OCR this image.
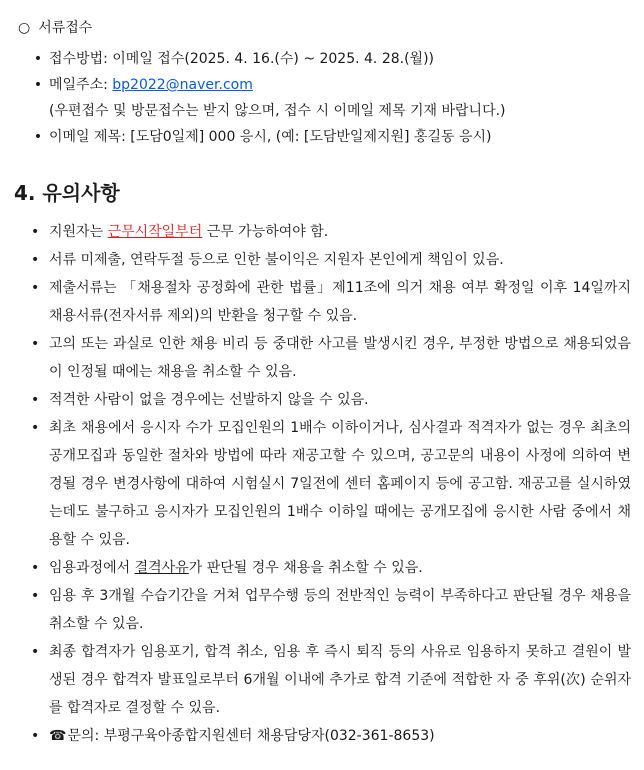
○ 서류접수
• 접수방법: 이메일 접수(2025. 4. 16.(수) ~ 2025. 4. 28.(월))
• 메일주소: bp2022@naver.com
(우편접수 및 방문접수는 받지 않으며, 접수 시 이메일 제목 기재 바랍니다.)
• 이메일 제목: [도담0일제] 000 응시, (예: [도담반일제지원] 홍길동 응시)
4. 유의사항
• 지원자는 근무시작일부터 근무 가능하여야 함.
• 서류 미제출, 연락두절 등으로 인한 불이익은 지원자 본인에게 책임이 있음.
• 제출서류는 「채용절차 공정화에 관한 법률」제11조에 의거 채용 여부 확정일 이후 14일까지 채용서류(전자서류 제외)의 반환을 청구할 수 있음.
• 고의 또는 과실로 인한 채용 비리 등 중대한 사고를 발생시킨 경우, 부정한 방법으로 채용되었음이 인정될 때에는 채용을 취소할 수 있음.
• 적격한 사람이 없을 경우에는 선발하지 않을 수 있음.
• 최초 채용에서 응시자 수가 모집인원의 1배수 이하이거나, 심사결과 적격자가 없는 경우 최초의 공개모집과 동일한 절차와 방법에 따라 재공고할 수 있으며, 공고문의 내용이 사정에 의하여 변경될 경우 변경사항에 대하여 시험실시 7일전에 센터 홈페이지 등에 공고함. 재공고를 실시하였는데도 불구하고 응시자가 모집인원의 1배수 이하일 때에는 공개모집에 응시한 사람 중에서 채용할 수 있음.
• 임용과정에서 결격사유가 판단될 경우 채용을 취소할 수 있음.
• 임용 후 3개월 수습기간을 거쳐 업무수행 등의 전반적인 능력이 부족하다고 판단될 경우 채용을 취소할 수 있음.
• 최종 합격자가 임용포기, 합격 취소, 임용 후 즉시 퇴직 등의 사유로 임용하지 못하고 결원이 발생된 경우 합격자 발표일로부터 6개월 이내에 추가로 합격 기준에 적합한 자 중 후위(次) 순위자를 합격자로 결정할 수 있음.
• ☎문의: 부평구육아종합지원센터 채용담당자(032-361-8653)
